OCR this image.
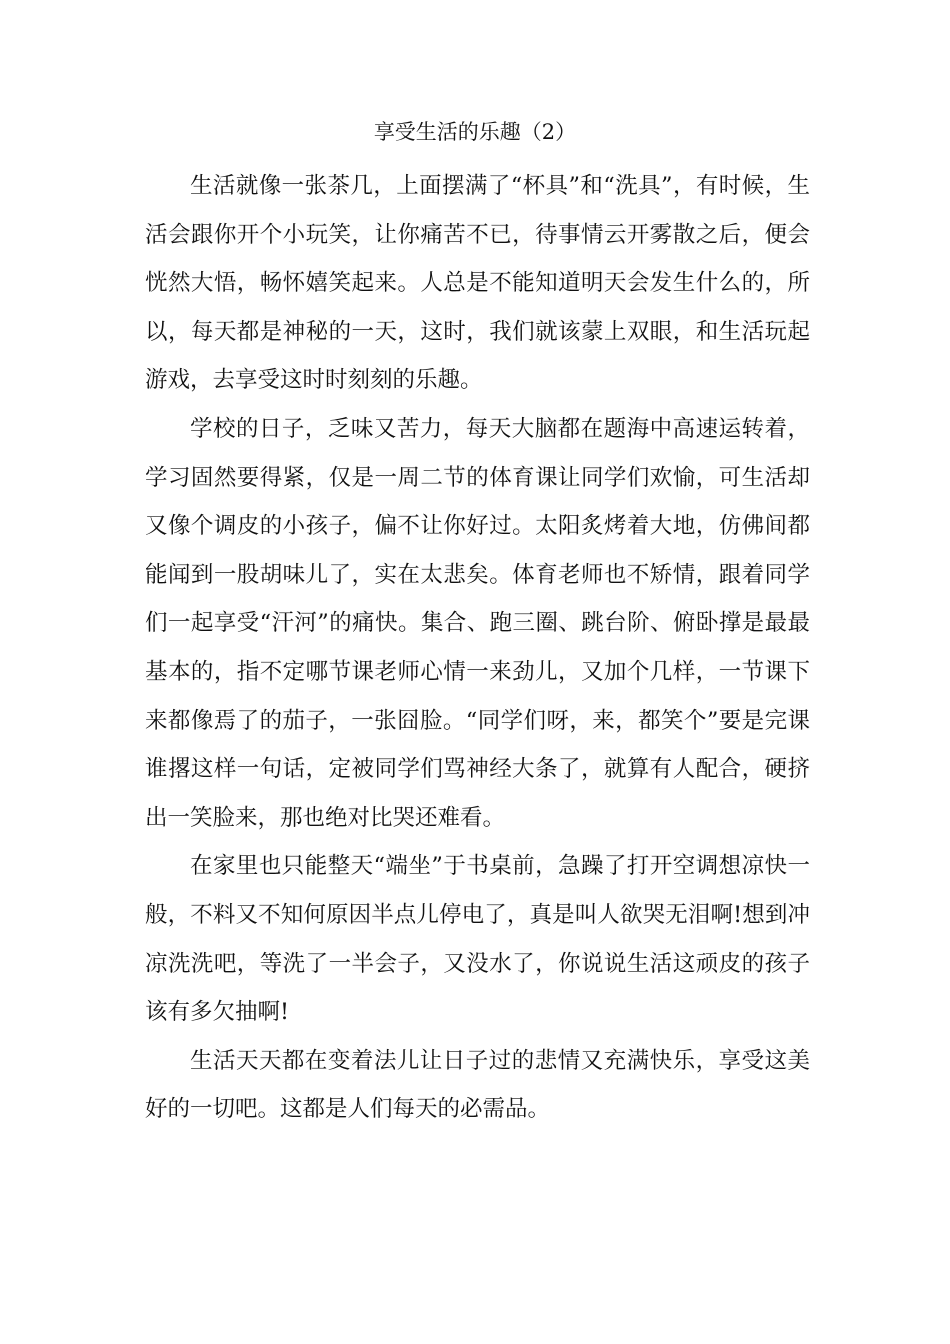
享受生活的乐趣（2）

生活就像一张茶几，上面摆满了“杯具”和“洗具”，有时候，生活会跟你开个小玩笑，让你痛苦不已，待事情云开雾散之后，便会恍然大悟，畅怀嬉笑起来。人总是不能知道明天会发生什么的，所以，每天都是神秘的一天，这时，我们就该蒙上双眼，和生活玩起游戏，去享受这时时刻刻的乐趣。

学校的日子，乏味又苦力，每天大脑都在题海中高速运转着，学习固然要得紧，仅是一周二节的体育课让同学们欢愉，可生活却又像个调皮的小孩子，偏不让你好过。太阳炙烤着大地，仿佛间都能闻到一股胡味儿了，实在太悲矣。体育老师也不矫情，跟着同学们一起享受“汗河”的痛快。集合、跑三圈、跳台阶、俯卧撑是最最基本的，指不定哪节课老师心情一来劲儿，又加个几样，一节课下来都像焉了的茄子，一张囧脸。“同学们呀，来，都笑个”要是完课谁撂这样一句话，定被同学们骂神经大条了，就算有人配合，硬挤出一笑脸来，那也绝对比哭还难看。

在家里也只能整天“端坐”于书桌前，急躁了打开空调想凉快一般，不料又不知何原因半点儿停电了，真是叫人欲哭无泪啊!想到冲凉洗洗吧，等洗了一半会子，又没水了，你说说生活这顽皮的孩子该有多欠抽啊!

生活天天都在变着法儿让日子过的悲情又充满快乐，享受这美好的一切吧。这都是人们每天的必需品。
